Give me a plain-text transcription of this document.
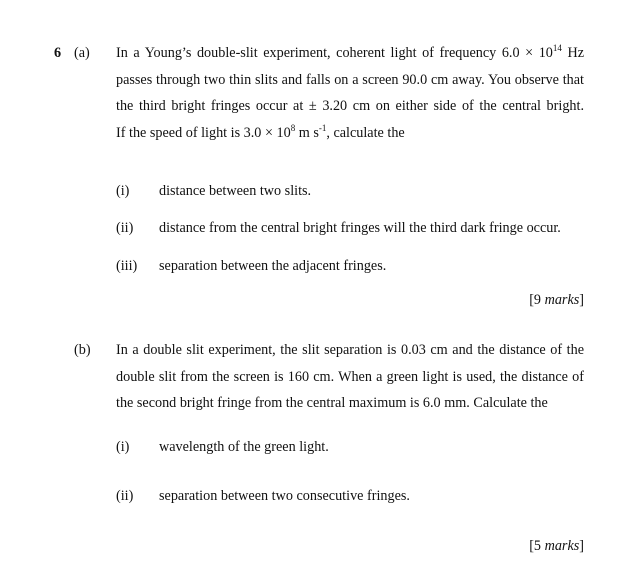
6 (a) In a Young’s double-slit experiment, coherent light of frequency $6.0 \times 10^{14}$ Hz
passes through two thin slits and falls on a screen 90.0 cm away. You observe that
the third bright fringes occur at ± 3.20 cm on either side of the central bright.
If the speed of light is $3.0 \times 10^8$ m $s^{-1}$, calculate the
(i) distance between two slits.
(ii) distance from the central bright fringes will the third dark fringe occur.
(iii) separation between the adjacent fringes.
[9 marks]
(b) In a double slit experiment, the slit separation is 0.03 cm and the distance of the
double slit from the screen is 160 cm. When a green light is used, the distance of
the second bright fringe from the central maximum is 6.0 mm. Calculate the
(i) wavelength of the green light.
(ii) separation between two consecutive fringes.
[5 marks]
